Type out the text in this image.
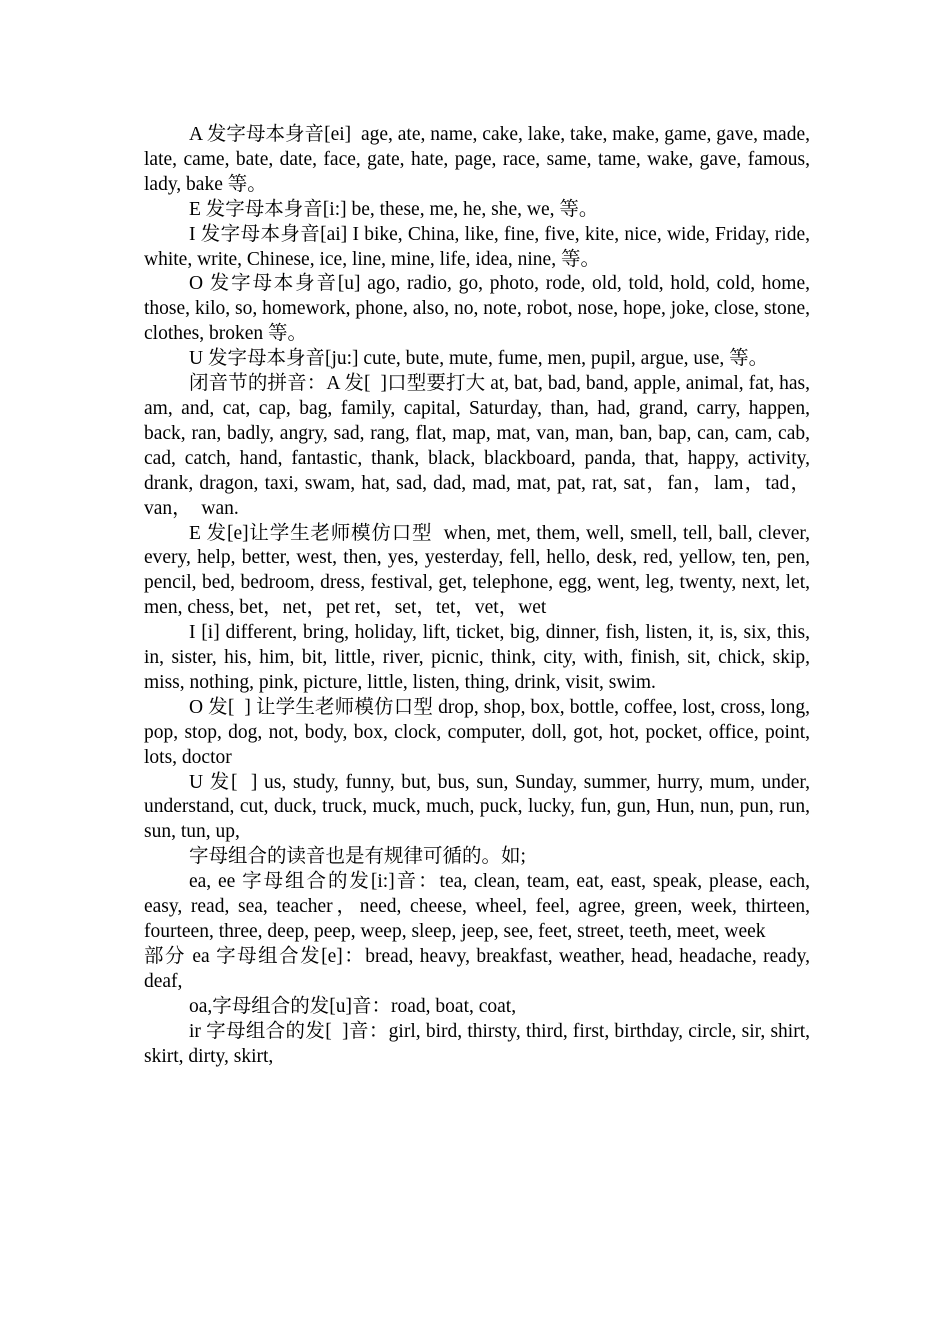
A 发字母本身音[ei]  age, ate, name, cake, lake, take, make, game, gave, made, late, came, bate, date, face, gate, hate, page, race, same, tame, wake, gave, famous, lady, bake 等。

E 发字母本身音[i:] be, these, me, he, she, we, 等。

I 发字母本身音[ai] I bike, China, like, fine, five, kite, nice, wide, Friday, ride, white, write, Chinese, ice, line, mine, life, idea, nine, 等。

O 发字母本身音[u] ago, radio, go, photo, rode, old, told, hold, cold, home, those, kilo, so, homework, phone, also, no, note, robot, nose, hope, joke, close, stone, clothes, broken 等。

U 发字母本身音[ju:] cute, bute, mute, fume, men, pupil, argue, use, 等。

闭音节的拼音：A 发[  ]口型要打大 at, bat, bad, band, apple, animal, fat, has, am, and, cat, cap, bag, family, capital, Saturday, than, had, grand, carry, happen, back, ran, badly, angry, sad, rang, flat, map, mat, van, man, ban, bap, can, cam, cab, cad, catch, hand, fantastic, thank, black, blackboard, panda, that, happy, activity, drank, dragon, taxi, swam, hat, sad, dad, mad, mat, pat, rat, sat，fan，lam，tad，  van，  wan.

E 发[e]让学生老师模仿口型  when, met, them, well, smell, tell, ball, clever, every, help, better, west, then, yes, yesterday, fell, hello, desk, red, yellow, ten, pen, pencil, bed, bedroom, dress, festival, get, telephone, egg, went, leg, twenty, next, let, men, chess, bet，net，pet ret，set，tet，vet，wet

I [i] different, bring, holiday, lift, ticket, big, dinner, fish, listen, it, is, six, this, in, sister, his, him, bit, little, river, picnic, think, city, with, finish, sit, chick, skip, miss, nothing, pink, picture, little, listen, thing, drink, visit, swim.

O 发[  ] 让学生老师模仿口型 drop, shop, box, bottle, coffee, lost, cross, long, pop, stop, dog, not, body, box, clock, computer, doll, got, hot, pocket, office, point, lots, doctor

U 发[  ] us, study, funny, but, bus, sun, Sunday, summer, hurry, mum, under, understand, cut, duck, truck, muck, much, puck, lucky, fun, gun, Hun, nun, pun, run, sun, tun, up,

字母组合的读音也是有规律可循的。如;

ea, ee 字母组合的发[i:]音：tea, clean, team, eat, east, speak, please, each, easy, read, sea, teacher，need, cheese, wheel, feel, agree, green, week, thirteen, fourteen, three, deep, peep, weep, sleep, jeep, see, feet, street, teeth, meet, week

部分 ea 字母组合发[e]：bread, heavy, breakfast, weather, head, headache, ready, deaf,

oa,字母组合的发[u]音：road, boat, coat,

ir 字母组合的发[  ]音：girl, bird, thirsty, third, first, birthday, circle, sir, shirt, skirt, dirty, skirt,
